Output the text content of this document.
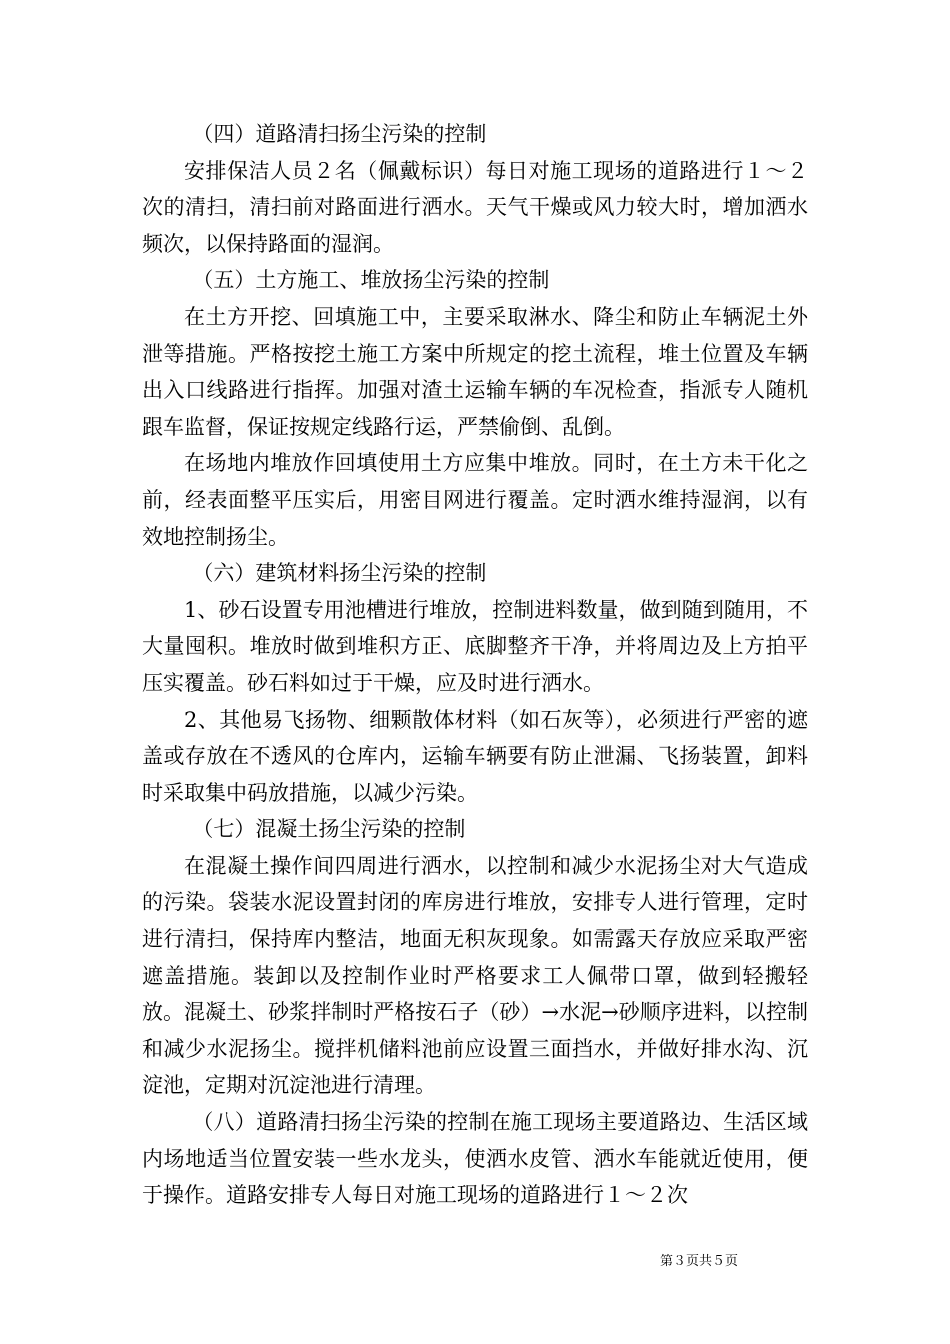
（四）道路清扫扬尘污染的控制

安排保洁人员２名（佩戴标识）每日对施工现场的道路进行１～２次的清扫，清扫前对路面进行洒水。天气干燥或风力较大时，增加洒水频次，以保持路面的湿润。

（五）土方施工、堆放扬尘污染的控制

在土方开挖、回填施工中，主要采取淋水、降尘和防止车辆泥土外泄等措施。严格按挖土施工方案中所规定的挖土流程，堆土位置及车辆出入口线路进行指挥。加强对渣土运输车辆的车况检查，指派专人随机跟车监督，保证按规定线路行运，严禁偷倒、乱倒。

在场地内堆放作回填使用土方应集中堆放。同时，在土方未干化之前，经表面整平压实后，用密目网进行覆盖。定时洒水维持湿润，以有效地控制扬尘。

（六）建筑材料扬尘污染的控制

1、砂石设置专用池槽进行堆放，控制进料数量，做到随到随用，不大量囤积。堆放时做到堆积方正、底脚整齐干净，并将周边及上方拍平压实覆盖。砂石料如过于干燥，应及时进行洒水。

2、其他易飞扬物、细颗散体材料（如石灰等），必须进行严密的遮盖或存放在不透风的仓库内，运输车辆要有防止泄漏、飞扬装置，卸料时采取集中码放措施，以减少污染。

（七）混凝土扬尘污染的控制

在混凝土操作间四周进行洒水，以控制和减少水泥扬尘对大气造成的污染。袋装水泥设置封闭的库房进行堆放，安排专人进行管理，定时进行清扫，保持库内整洁，地面无积灰现象。如需露天存放应采取严密遮盖措施。装卸以及控制作业时严格要求工人佩带口罩，做到轻搬轻放。混凝土、砂浆拌制时严格按石子（砂）→水泥→砂顺序进料，以控制和减少水泥扬尘。搅拌机储料池前应设置三面挡水，并做好排水沟、沉淀池，定期对沉淀池进行清理。

（八）道路清扫扬尘污染的控制在施工现场主要道路边、生活区域内场地适当位置安装一些水龙头，使洒水皮管、洒水车能就近使用，便于操作。道路安排专人每日对施工现场的道路进行１～２次

第３页共５页
